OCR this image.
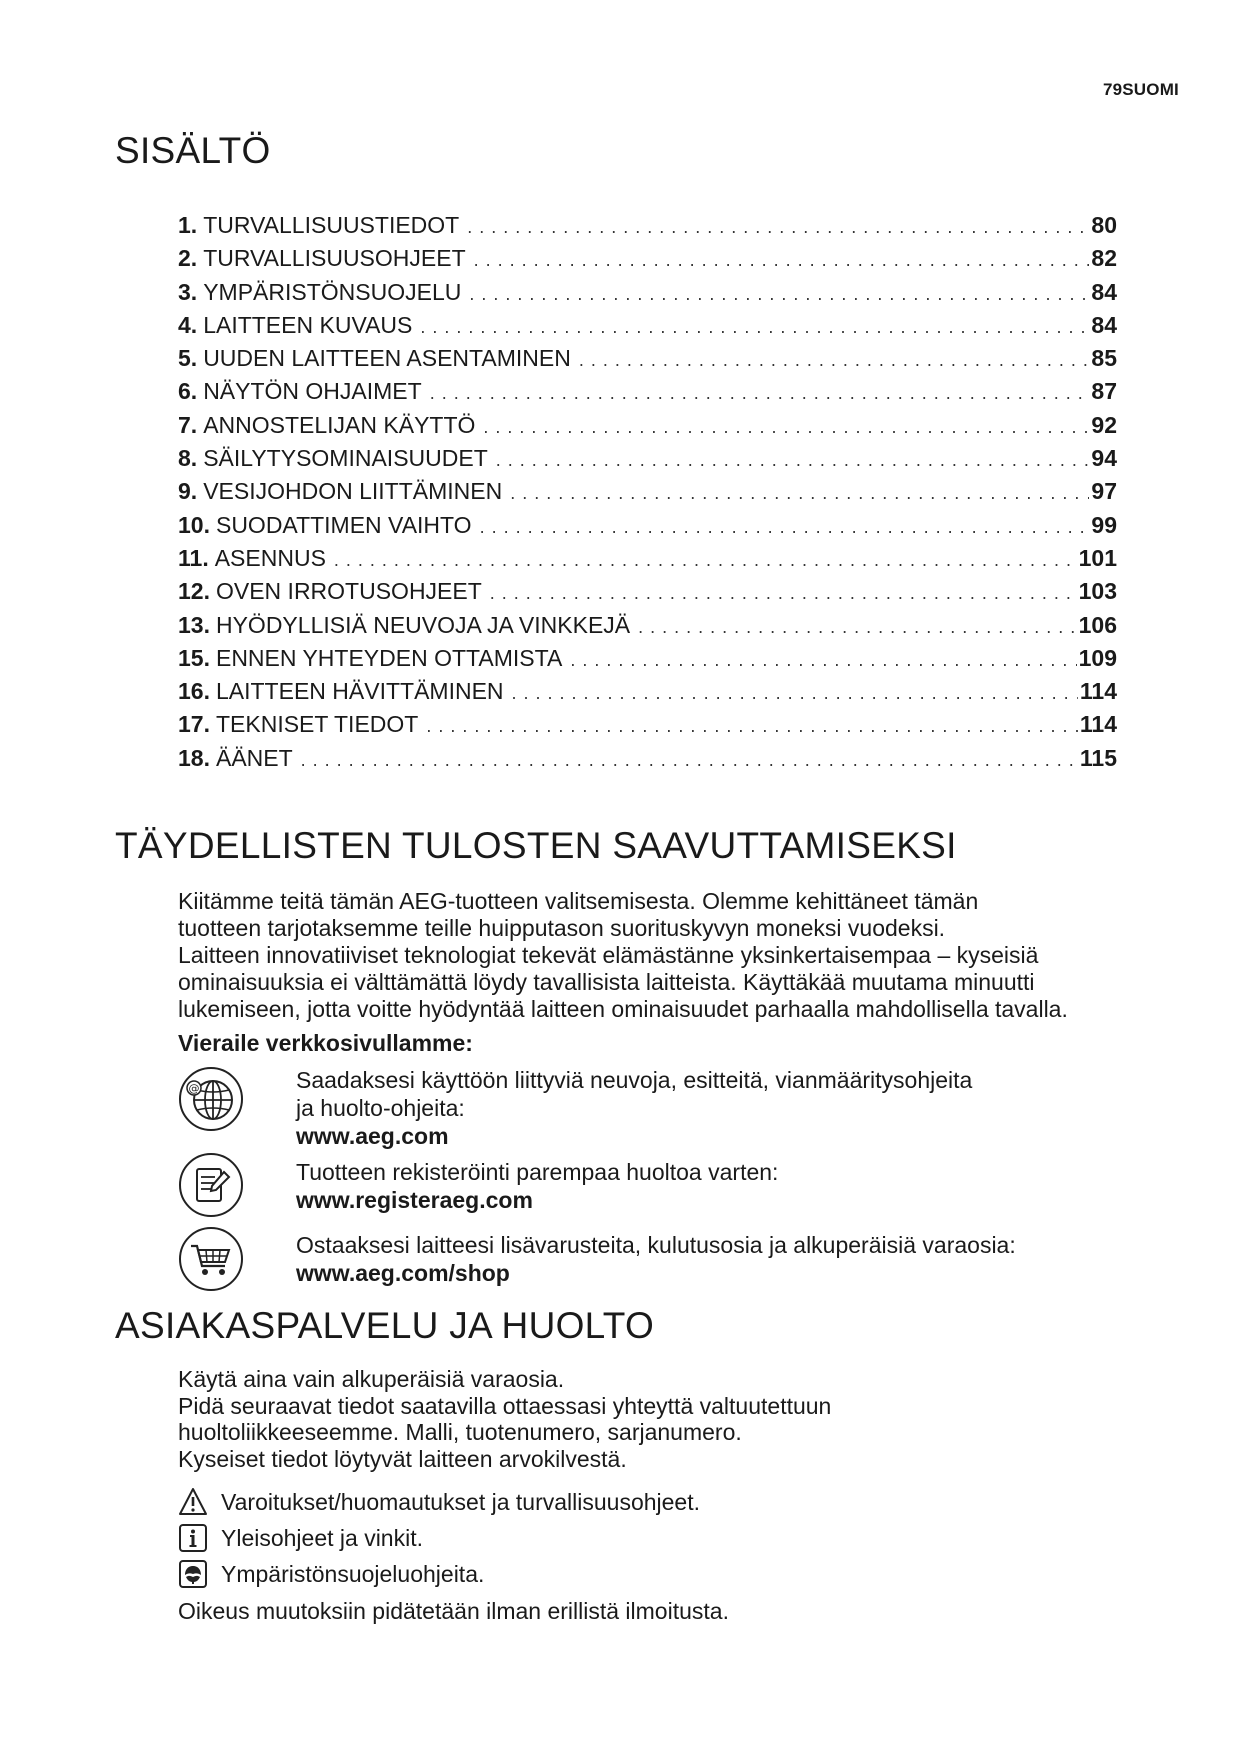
79SUOMI
SISÄLTÖ
1. TURVALLISUUSTIEDOT . . .	80
2. TURVALLISUUSOHJEET . . .	82
3. YMPÄRISTÖNSUOJELU . . .	84
4. LAITTEEN KUVAUS . . .	84
5. UUDEN LAITTEEN ASENTAMINEN . . .	85
6. NÄYTÖN OHJAIMET . . .	87
7. ANNOSTELIJAN KÄYTTÖ . . .	92
8. SÄILYTYSOMINAISUUDET . . .	94
9. VESIJOHDON LIITTÄMINEN . . .	97
10. SUODATTIMEN VAIHTO . . .	99
11. ASENNUS . . .	101
12. OVEN IRROTUSOHJEET . . .	103
13. HYÖDYLLISIÄ NEUVOJA JA VINKKEJÄ . . .	106
15. ENNEN YHTEYDEN OTTAMISTA . . .	109
16. LAITTEEN HÄVITTÄMINEN . . .	114
17. TEKNISET TIEDOT . . .	114
18. ÄÄNET . . .	115
TÄYDELLISTEN TULOSTEN SAAVUTTAMISEKSI
Kiitämme teitä tämän AEG-tuotteen valitsemisesta. Olemme kehittäneet tämän
tuotteen tarjotaksemme teille huipputason suorituskyvyn moneksi vuodeksi.
Laitteen innovatiiviset teknologiat tekevät elämästänne yksinkertaisempaa – kyseisiä
ominaisuuksia ei välttämättä löydy tavallisista laitteista. Käyttäkää muutama minuutti
lukemiseen, jotta voitte hyödyntää laitteen ominaisuudet parhaalla mahdollisella tavalla.
Vieraile verkkosivullamme:
@	Saadaksesi käyttöön liittyviä neuvoja, esitteitä, vianmääritysohjeita
ja huolto-ohjeita:
www.aeg.com
Tuotteen rekisteröinti parempaa huoltoa varten:
www.registeraeg.com
Ostaaksesi laitteesi lisävarusteita, kulutusosia ja alkuperäisiä varaosia:
www.aeg.com/shop
ASIAKASPALVELU JA HUOLTO
Käytä aina vain alkuperäisiä varaosia.
Pidä seuraavat tiedot saatavilla ottaessasi yhteyttä valtuutettuun
huoltoliikkeeseemme. Malli, tuotenumero, sarjanumero.
Kyseiset tiedot löytyvät laitteen arvokilvestä.
Varoitukset/huomautukset ja turvallisuusohjeet.
Yleisohjeet ja vinkit.
Ympäristönsuojeluohjeita.
Oikeus muutoksiin pidätetään ilman erillistä ilmoitusta.
